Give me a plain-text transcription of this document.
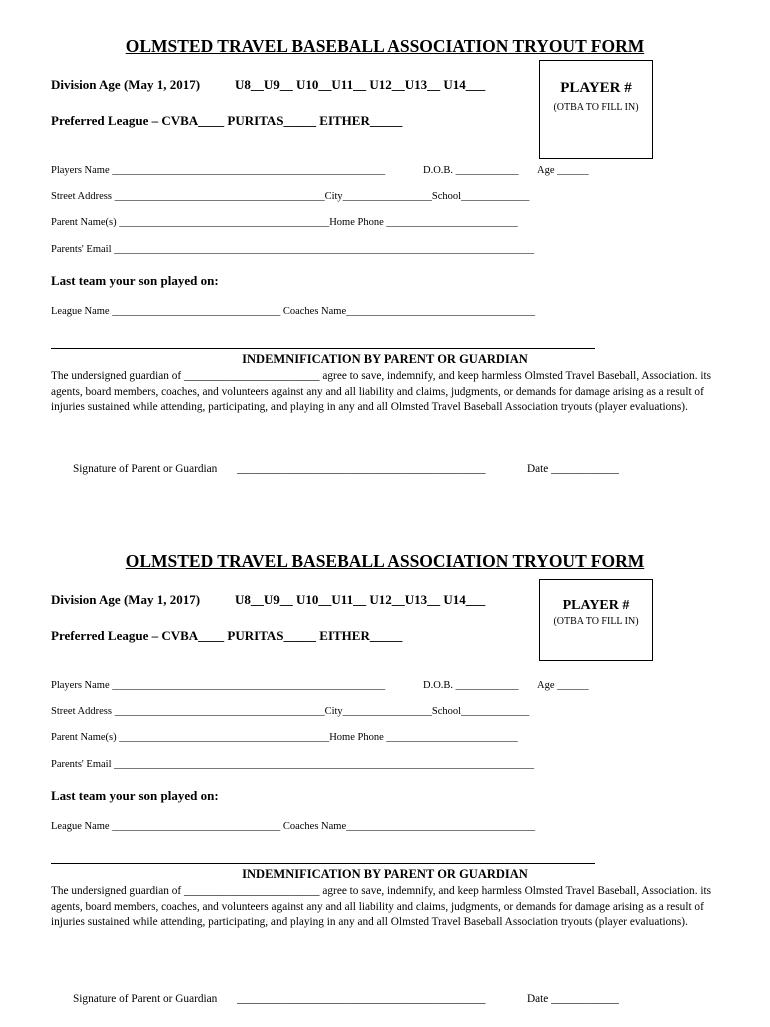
OLMSTED TRAVEL BASEBALL ASSOCIATION TRYOUT FORM
Division Age (May 1, 2017)	U8__U9__ U10__U11__ U12__U13__ U14___
Preferred League – CVBA____ PURITAS_____ EITHER_____
PLAYER #
(OTBA TO FILL IN)
Players Name ____________________________________________________	D.O.B. ____________ Age ______
Street Address ________________________________________City_________________School_____________
Parent Name(s) ________________________________________Home Phone _________________________
Parents' Email ________________________________________________________________________________
Last team your son played on:
League Name ________________________________ Coaches Name____________________________________
INDEMNIFICATION BY PARENT OR GUARDIAN
The undersigned guardian of ________________________ agree to save, indemnify, and keep harmless Olmsted Travel Baseball, Association. its agents, board members, coaches, and volunteers against any and all liability and claims, judgments, or demands for damage arising as a result of injuries sustained while attending, participating, and playing in any and all Olmsted Travel Baseball Association tryouts (player evaluations).
Signature of Parent or Guardian ____________________________________________	Date ____________
OLMSTED TRAVEL BASEBALL ASSOCIATION TRYOUT FORM
Division Age (May 1, 2017)	U8__U9__ U10__U11__ U12__U13__ U14___
Preferred League – CVBA____ PURITAS_____ EITHER_____
PLAYER #
(OTBA TO FILL IN)
Players Name ____________________________________________________	D.O.B. ____________ Age ______
Street Address ________________________________________City_________________School_____________
Parent Name(s) ________________________________________Home Phone _________________________
Parents' Email ________________________________________________________________________________
Last team your son played on:
League Name ________________________________ Coaches Name____________________________________
INDEMNIFICATION BY PARENT OR GUARDIAN
The undersigned guardian of ________________________ agree to save, indemnify, and keep harmless Olmsted Travel Baseball, Association. its agents, board members, coaches, and volunteers against any and all liability and claims, judgments, or demands for damage arising as a result of injuries sustained while attending, participating, and playing in any and all Olmsted Travel Baseball Association tryouts (player evaluations).
Signature of Parent or Guardian ____________________________________________	Date ____________
